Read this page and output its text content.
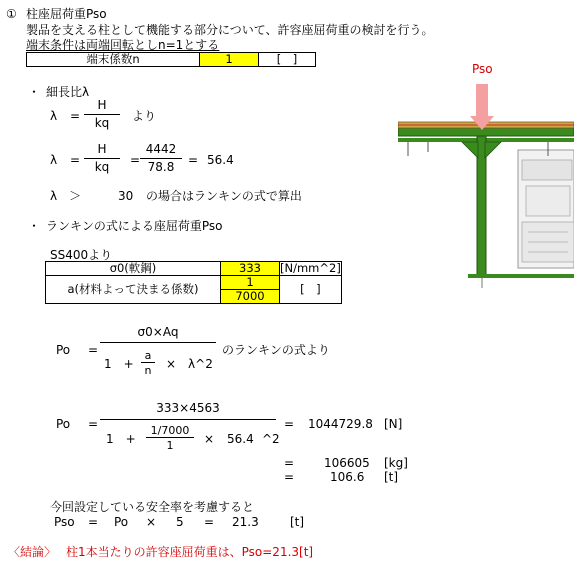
① 柱座屈荷重Pso
製品を支える柱として機能する部分について、許容座屈荷重の検討を行う。
端末条件は両端回転としn=1とする
端末係数n	1	[　]
・ 細長比λ
λ =
H
kq	より
λ =
H
kq	=
4442
78.8	= 56.4
λ　＞	30 の場合はランキンの式で算出
・ ランキンの式による座屈荷重Pso
SS400より
σ0(軟鋼)	333	[N/mm^2]
a(材料よって決まる係数)	1	[　]
	7000	
Po =
σ0×Aq
1　+
a
n	×　λ^2
のランキンの式より
Po =
333×4563
1　+
1/7000
1	× 56.4 ^2
= 1044729.8 [N]
= 106605 [kg]
=	106.6 [t]
今回設定している安全率を考慮すると
Pso = Po × 5 = 21.3	[t]
〈結論〉 柱1本当たりの許容座屈荷重は、Pso=21.3[t]
Pso
